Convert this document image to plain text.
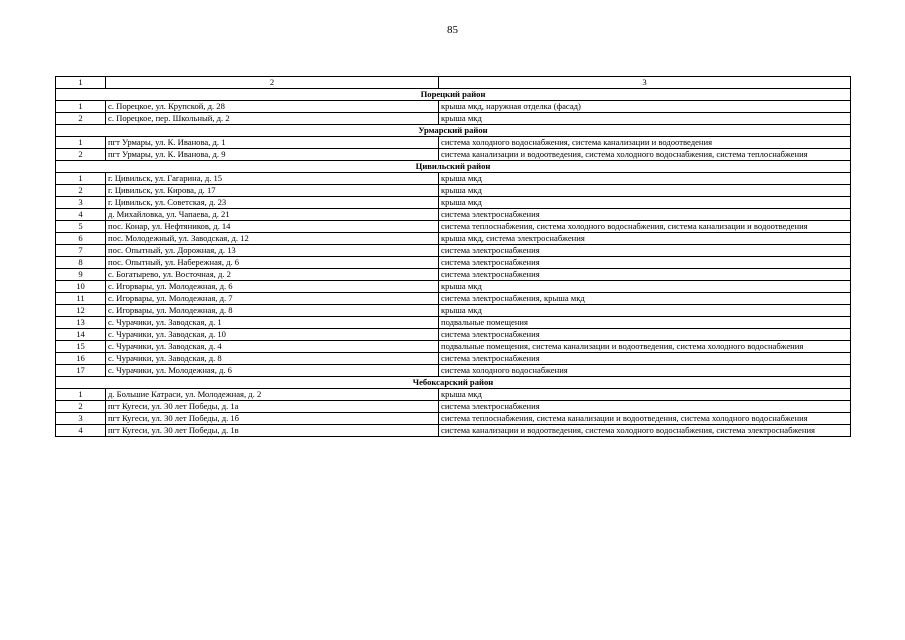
85
1	2	3
Порецкий район		
1	с. Порецкое, ул. Крупской, д. 28	крыша мкд, наружная отделка (фасад)
2	с. Порецкое, пер. Школьный, д. 2	крыша мкд
Урмарский район		
1	пгт Урмары, ул. К. Иванова, д. 1	система холодного водоснабжения, система канализации и водоотведения
2	пгт Урмары, ул. К. Иванова, д. 9	система канализации и водоотведения, система холодного водоснабжения, система теплоснабжения
Цивильский район		
1	г. Цивильск, ул. Гагарина, д. 15	крыша мкд
2	г. Цивильск, ул. Кирова, д. 17	крыша мкд
3	г. Цивильск, ул. Советская, д. 23	крыша мкд
4	д. Михайловка, ул. Чапаева, д. 21	система электроснабжения
5	пос. Конар, ул. Нефтяников, д. 14	система теплоснабжения, система холодного водоснабжения, система канализации и водоотведения
6	пос. Молодежный, ул. Заводская, д. 12	крыша мкд, система электроснабжения
7	пос. Опытный, ул. Дорожная, д. 13	система электроснабжения
8	пос. Опытный, ул. Набережная, д. 6	система электроснабжения
9	с. Богатырево, ул. Восточная, д. 2	система электроснабжения
10	с. Игорвары, ул. Молодежная, д. 6	крыша мкд
11	с. Игорвары, ул. Молодежная, д. 7	система электроснабжения, крыша мкд
12	с. Игорвары, ул. Молодежная, д. 8	крыша мкд
13	с. Чурачики, ул. Заводская, д. 1	подвальные помещения
14	с. Чурачики, ул. Заводская, д. 10	система электроснабжения
15	с. Чурачики, ул. Заводская, д. 4	подвальные помещения, система канализации и водоотведения, система холодного водоснабжения
16	с. Чурачики, ул. Заводская, д. 8	система электроснабжения
17	с. Чурачики, ул. Молодежная, д. 6	система холодного водоснабжения
Чебоксарский район		
1	д. Большие Катраси, ул. Молодежная, д. 2	крыша мкд
2	пгт Кугеси, ул. 30 лет Победы, д. 1а	система электроснабжения
3	пгт Кугеси, ул. 30 лет Победы, д. 1б	система теплоснабжения, система канализации и водоотведения, система холодного водоснабжения
4	пгт Кугеси, ул. 30 лет Победы, д. 1в	система канализации и водоотведения, система холодного водоснабжения, система электроснабжения
